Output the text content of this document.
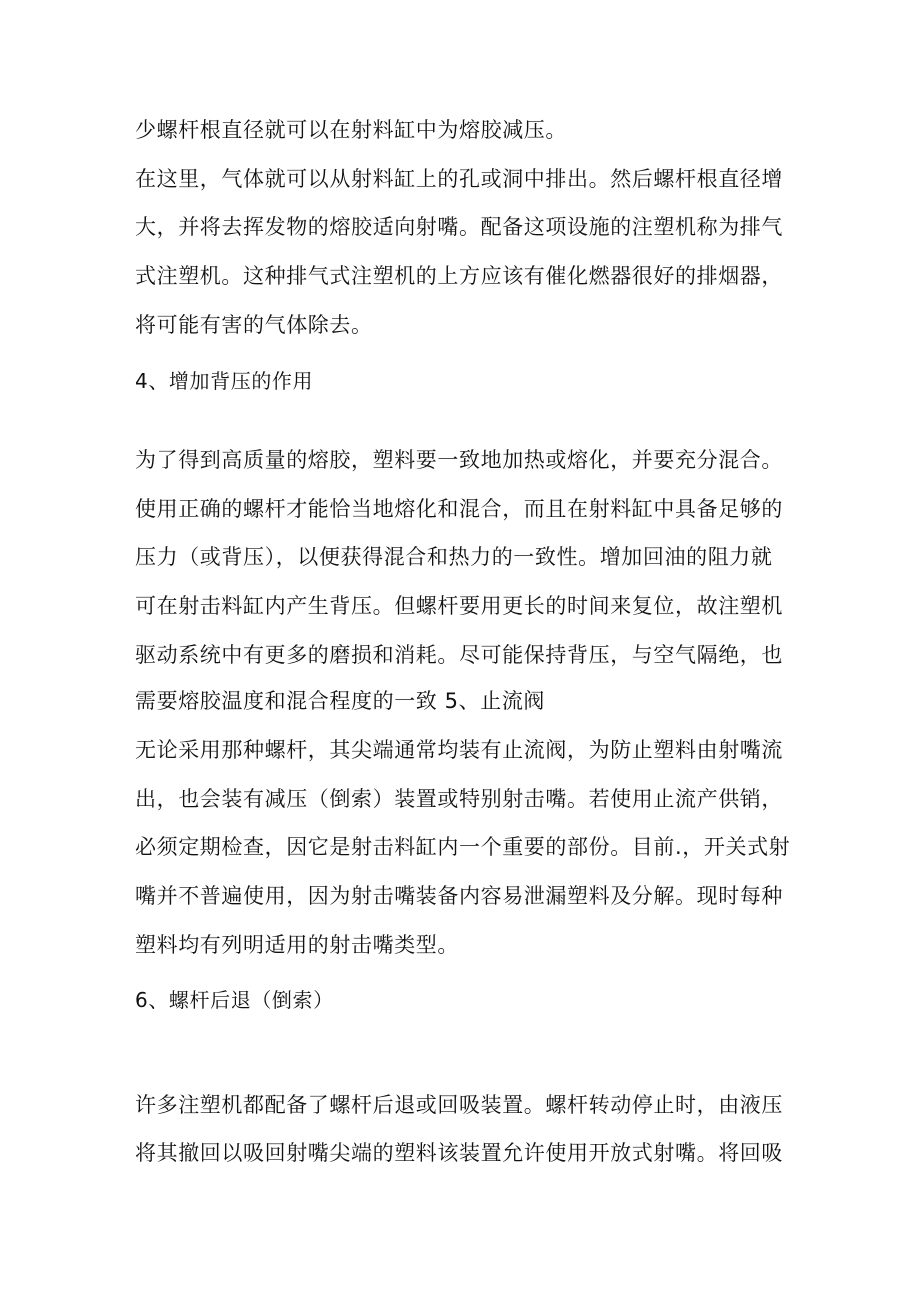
少螺杆根直径就可以在射料缸中为熔胶减压。
在这里，气体就可以从射料缸上的孔或洞中排出。然后螺杆根直径增
大，并将去挥发物的熔胶适向射嘴。配备这项设施的注塑机称为排气
式注塑机。这种排气式注塑机的上方应该有催化燃器很好的排烟器，
将可能有害的气体除去。
4、增加背压的作用
为了得到高质量的熔胶，塑料要一致地加热或熔化，并要充分混合。
使用正确的螺杆才能恰当地熔化和混合，而且在射料缸中具备足够的
压力（或背压），以便获得混合和热力的一致性。增加回油的阻力就
可在射击料缸内产生背压。但螺杆要用更长的时间来复位，故注塑机
驱动系统中有更多的磨损和消耗。尽可能保持背压，与空气隔绝，也
需要熔胶温度和混合程度的一致 5、止流阀
无论采用那种螺杆，其尖端通常均装有止流阀，为防止塑料由射嘴流
出，也会装有减压（倒索）装置或特别射击嘴。若使用止流产供销，
必须定期检查，因它是射击料缸内一个重要的部份。目前.，开关式射
嘴并不普遍使用，因为射击嘴装备内容易泄漏塑料及分解。现时每种
塑料均有列明适用的射击嘴类型。
6、螺杆后退（倒索）
许多注塑机都配备了螺杆后退或回吸装置。螺杆转动停止时，由液压
将其撤回以吸回射嘴尖端的塑料该装置允许使用开放式射嘴。将回吸
